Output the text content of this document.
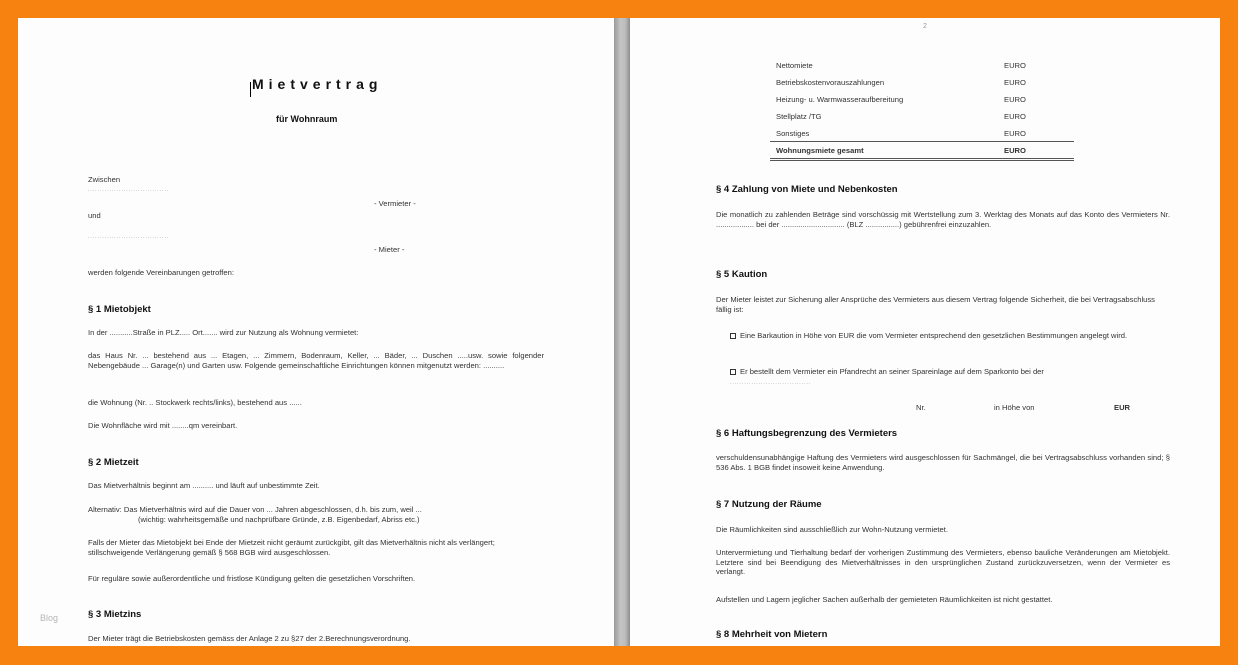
Mietvertrag
für Wohnraum
Zwischen
..................................
- Vermieter -
und
..................................
- Mieter -
werden folgende Vereinbarungen getroffen:
§ 1 Mietobjekt
In der ...........Straße in PLZ..... Ort....... wird zur Nutzung als Wohnung vermietet:
das Haus Nr. ... bestehend aus ... Etagen, ... Zimmern, Bodenraum, Keller, ... Bäder, ... Duschen .....usw. sowie folgender Nebengebäude ... Garage(n) und Garten usw. Folgende gemeinschaftliche Einrichtungen können mitgenutzt werden: ..........
die Wohnung (Nr. .. Stockwerk rechts/links), bestehend aus ......
Die Wohnfläche wird mit ........qm vereinbart.
§ 2 Mietzeit
Das Mietverhältnis beginnt am .......... und läuft auf unbestimmte Zeit.
Alternativ: Das Mietverhältnis wird auf die Dauer von ... Jahren abgeschlossen, d.h. bis zum, weil ...
(wichtig: wahrheitsgemäße und nachprüfbare Gründe, z.B. Eigenbedarf, Abriss etc.)
Falls der Mieter das Mietobjekt bei Ende der Mietzeit nicht geräumt zurückgibt, gilt das Mietverhältnis nicht als verlängert; stillschweigende Verlängerung gemäß § 568 BGB wird ausgeschlossen.
Für reguläre sowie außerordentliche und fristlose Kündigung gelten die gesetzlichen Vorschriften.
§ 3 Mietzins
Der Mieter trägt die Betriebskosten gemäss der Anlage 2 zu §27 der 2.Berechnungsverordnung.
Blog
2
Nettomiete	EURO
Betriebskostenvorauszahlungen	EURO
Heizung- u. Warmwasseraufbereitung	EURO
Stellplatz /TG	EURO
Sonstiges	EURO
Wohnungsmiete gesamt	EURO
§ 4 Zahlung von Miete und Nebenkosten
Die monatlich zu zahlenden Beträge sind vorschüssig mit Wertstellung zum 3. Werktag des Monats auf das Konto des Vermieters Nr. .................. bei der .............................. (BLZ ................) gebührenfrei einzuzahlen.
§ 5 Kaution
Der Mieter leistet zur Sicherung aller Ansprüche des Vermieters aus diesem Vertrag folgende Sicherheit, die bei Vertragsabschluss fällig ist:
Eine Barkaution in Höhe von EUR die vom Vermieter entsprechend den gesetzlichen Bestimmungen angelegt wird.
Er bestellt dem Vermieter ein Pfandrecht an seiner Spareinlage auf dem Sparkonto bei der
..................................
Nr.	in Höhe von	EUR
§ 6 Haftungsbegrenzung des Vermieters
verschuldensunabhängige Haftung des Vermieters wird ausgeschlossen für Sachmängel, die bei Vertragsabschluss vorhanden sind; § 536 Abs. 1 BGB findet insoweit keine Anwendung.
§ 7 Nutzung der Räume
Die Räumlichkeiten sind ausschließlich zur Wohn-Nutzung vermietet.
Untervermietung und Tierhaltung bedarf der vorherigen Zustimmung des Vermieters, ebenso bauliche Veränderungen am Mietobjekt. Letztere sind bei Beendigung des Mietverhältnisses in den ursprünglichen Zustand zurückzuversetzen, wenn der Vermieter es verlangt.
Aufstellen und Lagern jeglicher Sachen außerhalb der gemieteten Räumlichkeiten ist nicht gestattet.
§ 8 Mehrheit von Mietern
